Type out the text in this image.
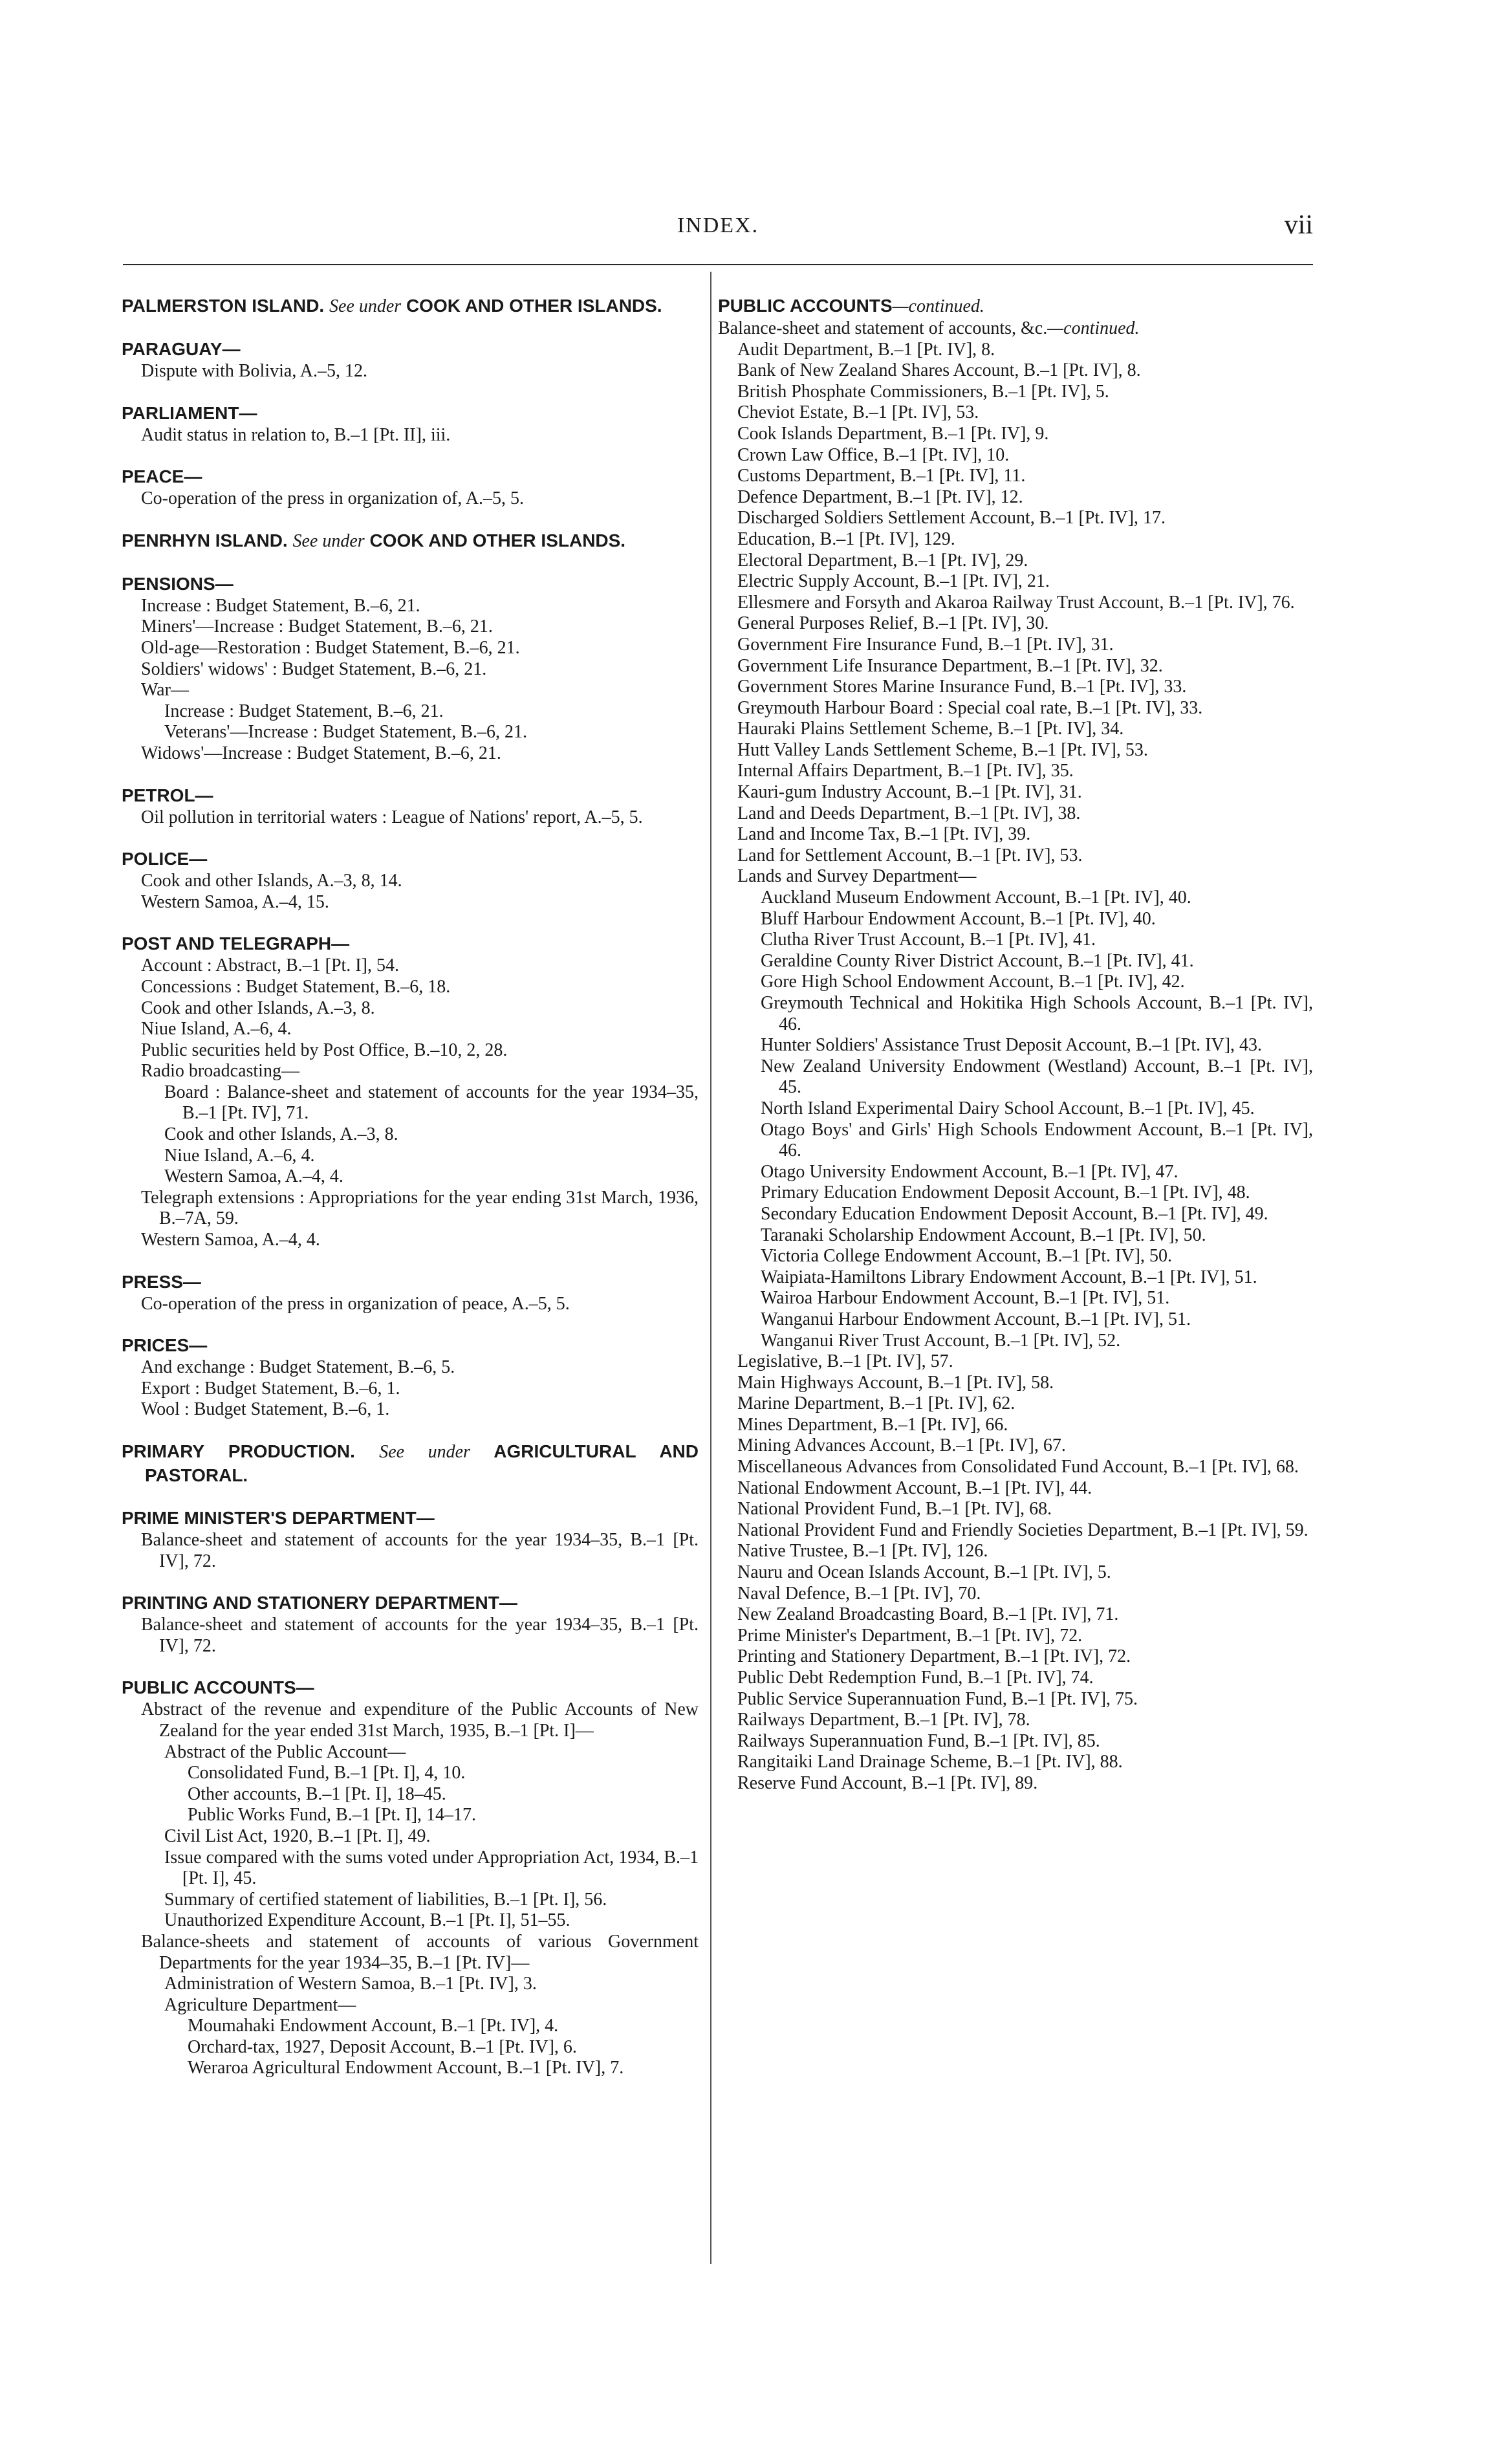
INDEX.	vii
PALMERSTON ISLAND. See under COOK AND OTHER ISLANDS.
PARAGUAY—
Dispute with Bolivia, A.–5, 12.
PARLIAMENT—
Audit status in relation to, B.–1 [Pt. II], iii.
PEACE—
Co-operation of the press in organization of, A.–5, 5.
PENRHYN ISLAND. See under COOK AND OTHER ISLANDS.
PENSIONS—
Increase : Budget Statement, B.–6, 21.
Miners'—Increase : Budget Statement, B.–6, 21.
Old-age—Restoration : Budget Statement, B.–6, 21.
Soldiers' widows' : Budget Statement, B.–6, 21.
War—
Increase : Budget Statement, B.–6, 21.
Veterans'—Increase : Budget Statement, B.–6, 21.
Widows'—Increase : Budget Statement, B.–6, 21.
PETROL—
Oil pollution in territorial waters : League of Nations' report, A.–5, 5.
POLICE—
Cook and other Islands, A.–3, 8, 14.
Western Samoa, A.–4, 15.
POST AND TELEGRAPH—
Account : Abstract, B.–1 [Pt. I], 54.
Concessions : Budget Statement, B.–6, 18.
Cook and other Islands, A.–3, 8.
Niue Island, A.–6, 4.
Public securities held by Post Office, B.–10, 2, 28.
Radio broadcasting—
Board : Balance-sheet and statement of accounts for the year 1934–35, B.–1 [Pt. IV], 71.
Cook and other Islands, A.–3, 8.
Niue Island, A.–6, 4.
Western Samoa, A.–4, 4.
Telegraph extensions : Appropriations for the year ending 31st March, 1936, B.–7A, 59.
Western Samoa, A.–4, 4.
PRESS—
Co-operation of the press in organization of peace, A.–5, 5.
PRICES—
And exchange : Budget Statement, B.–6, 5.
Export : Budget Statement, B.–6, 1.
Wool : Budget Statement, B.–6, 1.
PRIMARY PRODUCTION. See under AGRICULTURAL AND PASTORAL.
PRIME MINISTER'S DEPARTMENT—
Balance-sheet and statement of accounts for the year 1934–35, B.–1 [Pt. IV], 72.
PRINTING AND STATIONERY DEPARTMENT—
Balance-sheet and statement of accounts for the year 1934–35, B.–1 [Pt. IV], 72.
PUBLIC ACCOUNTS—
Abstract of the revenue and expenditure of the Public Accounts of New Zealand for the year ended 31st March, 1935, B.–1 [Pt. I]—
Abstract of the Public Account—
Consolidated Fund, B.–1 [Pt. I], 4, 10.
Other accounts, B.–1 [Pt. I], 18–45.
Public Works Fund, B.–1 [Pt. I], 14–17.
Civil List Act, 1920, B.–1 [Pt. I], 49.
Issue compared with the sums voted under Appropriation Act, 1934, B.–1 [Pt. I], 45.
Summary of certified statement of liabilities, B.–1 [Pt. I], 56.
Unauthorized Expenditure Account, B.–1 [Pt. I], 51–55.
Balance-sheets and statement of accounts of various Government Departments for the year 1934–35, B.–1 [Pt. IV]—
Administration of Western Samoa, B.–1 [Pt. IV], 3.
Agriculture Department—
Moumahaki Endowment Account, B.–1 [Pt. IV], 4.
Orchard-tax, 1927, Deposit Account, B.–1 [Pt. IV], 6.
Weraroa Agricultural Endowment Account, B.–1 [Pt. IV], 7.
PUBLIC ACCOUNTS—continued.
Balance-sheet and statement of accounts, &c.—continued.
Audit Department, B.–1 [Pt. IV], 8.
Bank of New Zealand Shares Account, B.–1 [Pt. IV], 8.
British Phosphate Commissioners, B.–1 [Pt. IV], 5.
Cheviot Estate, B.–1 [Pt. IV], 53.
Cook Islands Department, B.–1 [Pt. IV], 9.
Crown Law Office, B.–1 [Pt. IV], 10.
Customs Department, B.–1 [Pt. IV], 11.
Defence Department, B.–1 [Pt. IV], 12.
Discharged Soldiers Settlement Account, B.–1 [Pt. IV], 17.
Education, B.–1 [Pt. IV], 129.
Electoral Department, B.–1 [Pt. IV], 29.
Electric Supply Account, B.–1 [Pt. IV], 21.
Ellesmere and Forsyth and Akaroa Railway Trust Account, B.–1 [Pt. IV], 76.
General Purposes Relief, B.–1 [Pt. IV], 30.
Government Fire Insurance Fund, B.–1 [Pt. IV], 31.
Government Life Insurance Department, B.–1 [Pt. IV], 32.
Government Stores Marine Insurance Fund, B.–1 [Pt. IV], 33.
Greymouth Harbour Board : Special coal rate, B.–1 [Pt. IV], 33.
Hauraki Plains Settlement Scheme, B.–1 [Pt. IV], 34.
Hutt Valley Lands Settlement Scheme, B.–1 [Pt. IV], 53.
Internal Affairs Department, B.–1 [Pt. IV], 35.
Kauri-gum Industry Account, B.–1 [Pt. IV], 31.
Land and Deeds Department, B.–1 [Pt. IV], 38.
Land and Income Tax, B.–1 [Pt. IV], 39.
Land for Settlement Account, B.–1 [Pt. IV], 53.
Lands and Survey Department—
Auckland Museum Endowment Account, B.–1 [Pt. IV], 40.
Bluff Harbour Endowment Account, B.–1 [Pt. IV], 40.
Clutha River Trust Account, B.–1 [Pt. IV], 41.
Geraldine County River District Account, B.–1 [Pt. IV], 41.
Gore High School Endowment Account, B.–1 [Pt. IV], 42.
Greymouth Technical and Hokitika High Schools Account, B.–1 [Pt. IV], 46.
Hunter Soldiers' Assistance Trust Deposit Account, B.–1 [Pt. IV], 43.
New Zealand University Endowment (Westland) Account, B.–1 [Pt. IV], 45.
North Island Experimental Dairy School Account, B.–1 [Pt. IV], 45.
Otago Boys' and Girls' High Schools Endowment Account, B.–1 [Pt. IV], 46.
Otago University Endowment Account, B.–1 [Pt. IV], 47.
Primary Education Endowment Deposit Account, B.–1 [Pt. IV], 48.
Secondary Education Endowment Deposit Account, B.–1 [Pt. IV], 49.
Taranaki Scholarship Endowment Account, B.–1 [Pt. IV], 50.
Victoria College Endowment Account, B.–1 [Pt. IV], 50.
Waipiata-Hamiltons Library Endowment Account, B.–1 [Pt. IV], 51.
Wairoa Harbour Endowment Account, B.–1 [Pt. IV], 51.
Wanganui Harbour Endowment Account, B.–1 [Pt. IV], 51.
Wanganui River Trust Account, B.–1 [Pt. IV], 52.
Legislative, B.–1 [Pt. IV], 57.
Main Highways Account, B.–1 [Pt. IV], 58.
Marine Department, B.–1 [Pt. IV], 62.
Mines Department, B.–1 [Pt. IV], 66.
Mining Advances Account, B.–1 [Pt. IV], 67.
Miscellaneous Advances from Consolidated Fund Account, B.–1 [Pt. IV], 68.
National Endowment Account, B.–1 [Pt. IV], 44.
National Provident Fund, B.–1 [Pt. IV], 68.
National Provident Fund and Friendly Societies Department, B.–1 [Pt. IV], 59.
Native Trustee, B.–1 [Pt. IV], 126.
Nauru and Ocean Islands Account, B.–1 [Pt. IV], 5.
Naval Defence, B.–1 [Pt. IV], 70.
New Zealand Broadcasting Board, B.–1 [Pt. IV], 71.
Prime Minister's Department, B.–1 [Pt. IV], 72.
Printing and Stationery Department, B.–1 [Pt. IV], 72.
Public Debt Redemption Fund, B.–1 [Pt. IV], 74.
Public Service Superannuation Fund, B.–1 [Pt. IV], 75.
Railways Department, B.–1 [Pt. IV], 78.
Railways Superannuation Fund, B.–1 [Pt. IV], 85.
Rangitaiki Land Drainage Scheme, B.–1 [Pt. IV], 88.
Reserve Fund Account, B.–1 [Pt. IV], 89.
